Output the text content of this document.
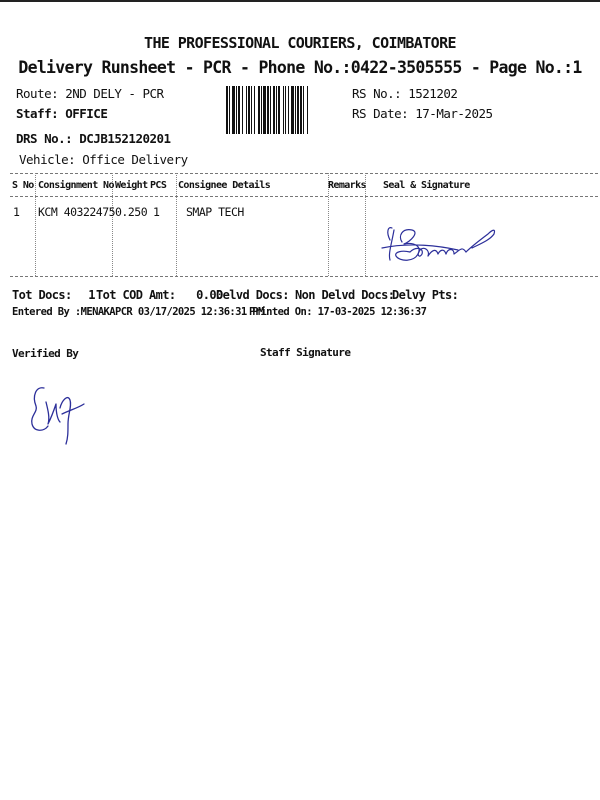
THE PROFESSIONAL COURIERS, COIMBATORE
Delivery Runsheet - PCR - Phone No.:0422-3505555 - Page No.:1
Route: 2ND DELY - PCR
Staff: OFFICE
DRS No.: DCJB152120201
Vehicle: Office Delivery
RS No.: 1521202
RS Date: 17-Mar-2025
S No Consignment No Weight PCS Consignee Details	Remarks Seal & Signature
1 KCM 40322475 0.250 1 SMAP TECH
Tot Docs: 1 Tot COD Amt: 0.00
Delvd Docs: Non Delvd Docs:
Delvy Pts:
Entered By :MENAKAPCR 03/17/2025 12:36:31 PM
Printed On: 17-03-2025 12:36:37
Verified By	Staff Signature
